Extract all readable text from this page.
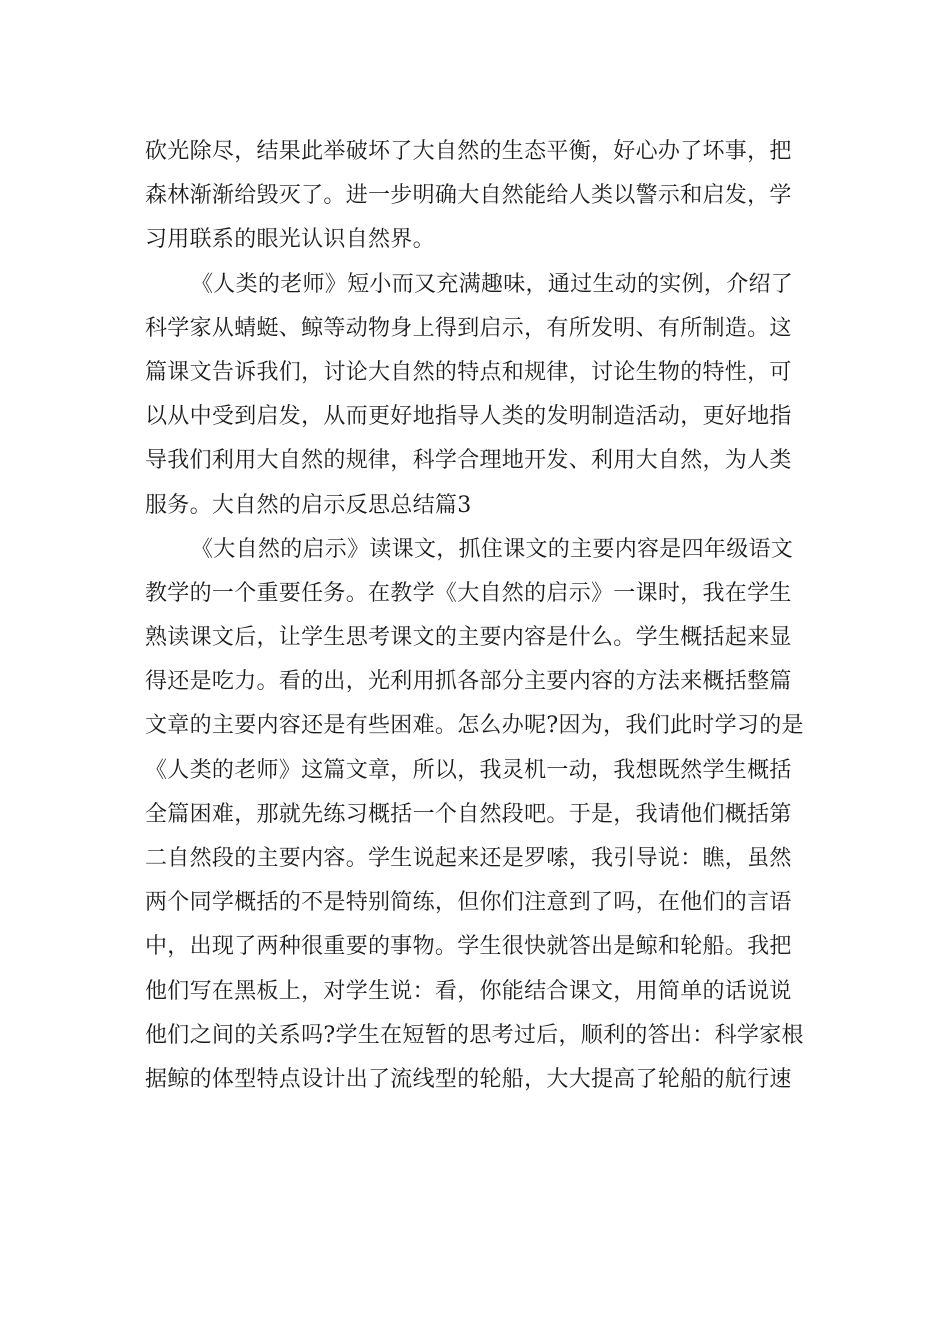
砍光除尽，结果此举破坏了大自然的生态平衡，好心办了坏事，把
森林渐渐给毁灭了。进一步明确大自然能给人类以警示和启发，学
习用联系的眼光认识自然界。
《人类的老师》短小而又充满趣味，通过生动的实例，介绍了
科学家从蜻蜓、鲸等动物身上得到启示，有所发明、有所制造。这
篇课文告诉我们，讨论大自然的特点和规律，讨论生物的特性，可
以从中受到启发，从而更好地指导人类的发明制造活动，更好地指
导我们利用大自然的规律，科学合理地开发、利用大自然，为人类
服务。大自然的启示反思总结篇3
《大自然的启示》读课文，抓住课文的主要内容是四年级语文
教学的一个重要任务。在教学《大自然的启示》一课时，我在学生
熟读课文后，让学生思考课文的主要内容是什么。学生概括起来显
得还是吃力。看的出，光利用抓各部分主要内容的方法来概括整篇
文章的主要内容还是有些困难。怎么办呢?因为，我们此时学习的是
《人类的老师》这篇文章，所以，我灵机一动，我想既然学生概括
全篇困难，那就先练习概括一个自然段吧。于是，我请他们概括第
二自然段的主要内容。学生说起来还是罗嗦，我引导说：瞧，虽然
两个同学概括的不是特别简练，但你们注意到了吗，在他们的言语
中，出现了两种很重要的事物。学生很快就答出是鲸和轮船。我把
他们写在黑板上，对学生说：看，你能结合课文，用简单的话说说
他们之间的关系吗?学生在短暂的思考过后，顺利的答出：科学家根
据鲸的体型特点设计出了流线型的轮船，大大提高了轮船的航行速
